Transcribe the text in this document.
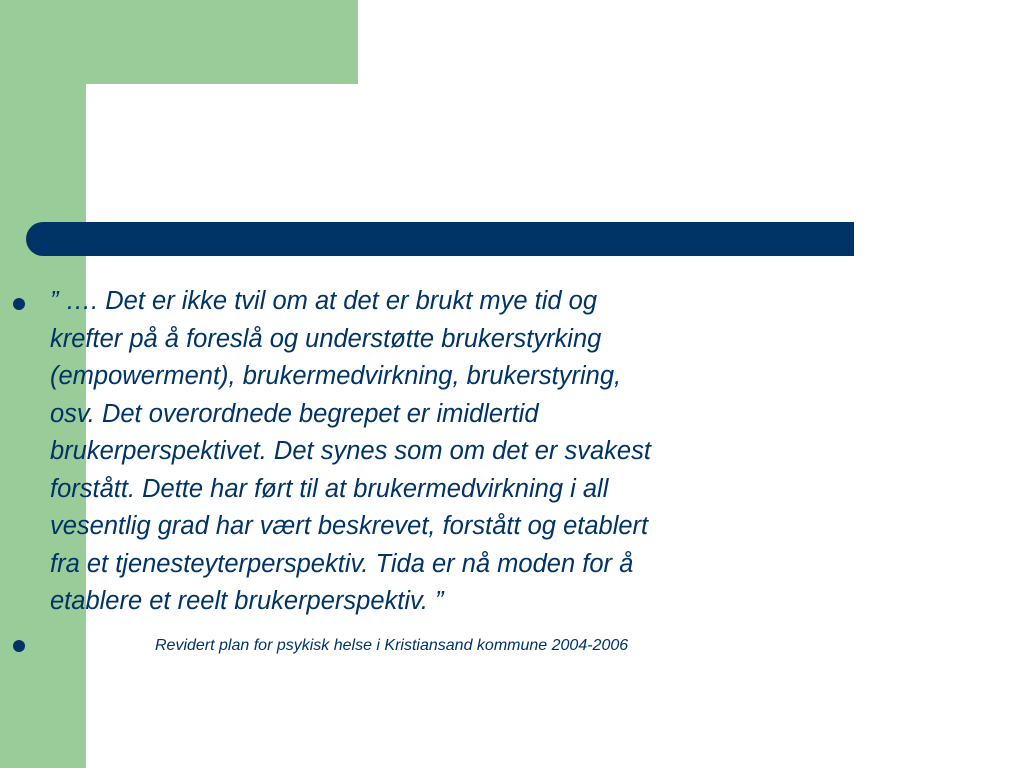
” …. Det er ikke tvil om at det er brukt mye tid og
krefter på å foreslå og understøtte brukerstyrking
(empowerment), brukermedvirkning, brukerstyring,
osv. Det overordnede begrepet er imidlertid
brukerperspektivet. Det synes som om det er svakest
forstått. Dette har ført til at brukermedvirkning i all
vesentlig grad har vært beskrevet, forstått og etablert
fra et tjenesteyterperspektiv. Tida er nå moden for å
etablere et reelt brukerperspektiv. ”

Revidert plan for psykisk helse i Kristiansand kommune 2004-2006
